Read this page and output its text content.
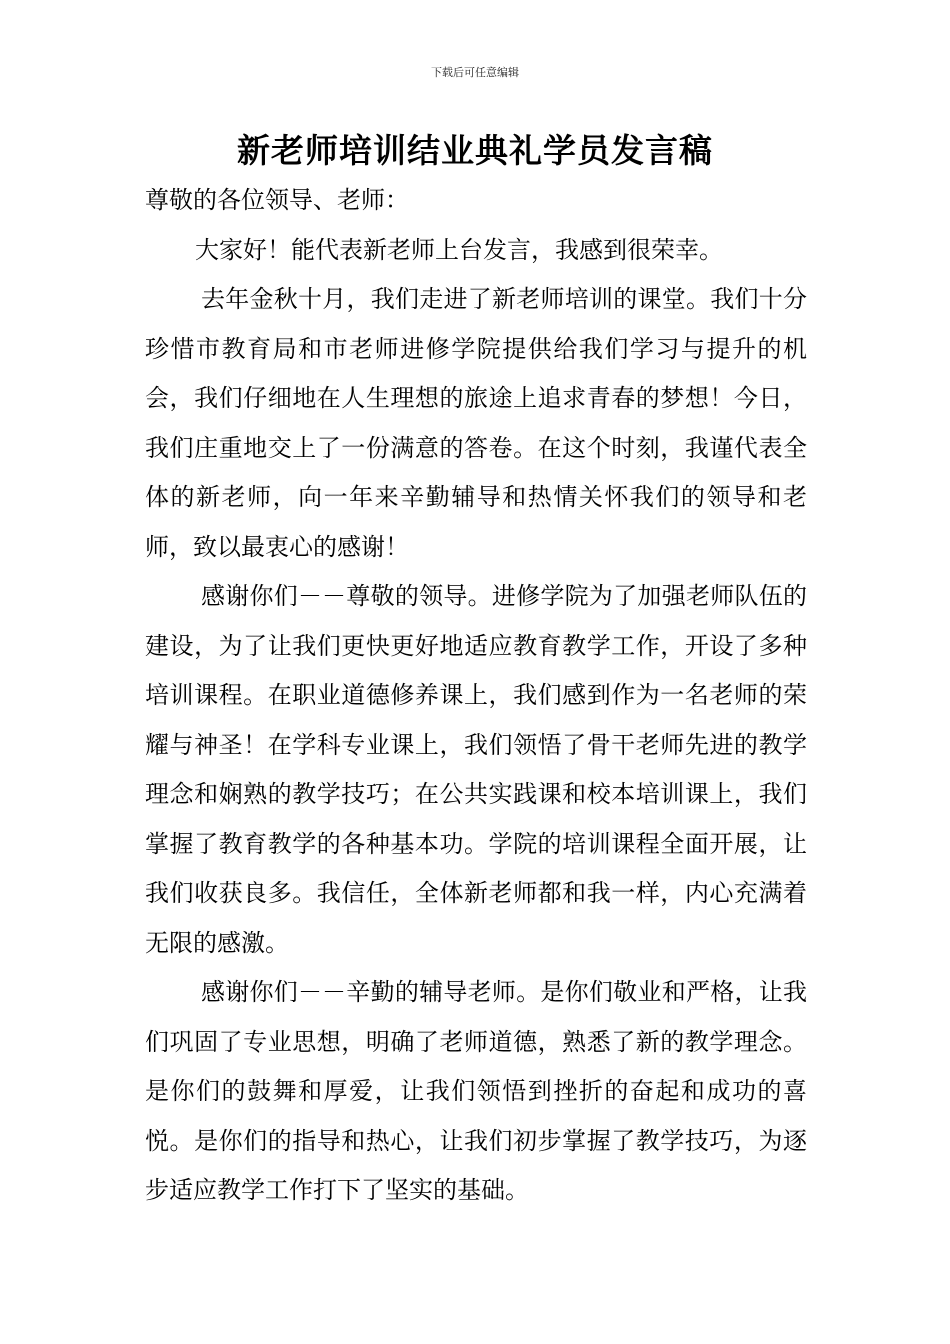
下载后可任意编辑
新老师培训结业典礼学员发言稿

尊敬的各位领导、老师：

大家好！能代表新老师上台发言，我感到很荣幸。

去年金秋十月，我们走进了新老师培训的课堂。我们十分珍惜市教育局和市老师进修学院提供给我们学习与提升的机会，我们仔细地在人生理想的旅途上追求青春的梦想！今日，我们庄重地交上了一份满意的答卷。在这个时刻，我谨代表全体的新老师，向一年来辛勤辅导和热情关怀我们的领导和老师，致以最衷心的感谢！

感谢你们－－尊敬的领导。进修学院为了加强老师队伍的建设，为了让我们更快更好地适应教育教学工作，开设了多种培训课程。在职业道德修养课上，我们感到作为一名老师的荣耀与神圣！在学科专业课上，我们领悟了骨干老师先进的教学理念和娴熟的教学技巧；在公共实践课和校本培训课上，我们掌握了教育教学的各种基本功。学院的培训课程全面开展，让我们收获良多。我信任，全体新老师都和我一样，内心充满着无限的感激。

感谢你们－－辛勤的辅导老师。是你们敬业和严格，让我们巩固了专业思想，明确了老师道德，熟悉了新的教学理念。是你们的鼓舞和厚爱，让我们领悟到挫折的奋起和成功的喜悦。是你们的指导和热心，让我们初步掌握了教学技巧，为逐步适应教学工作打下了坚实的基础。
